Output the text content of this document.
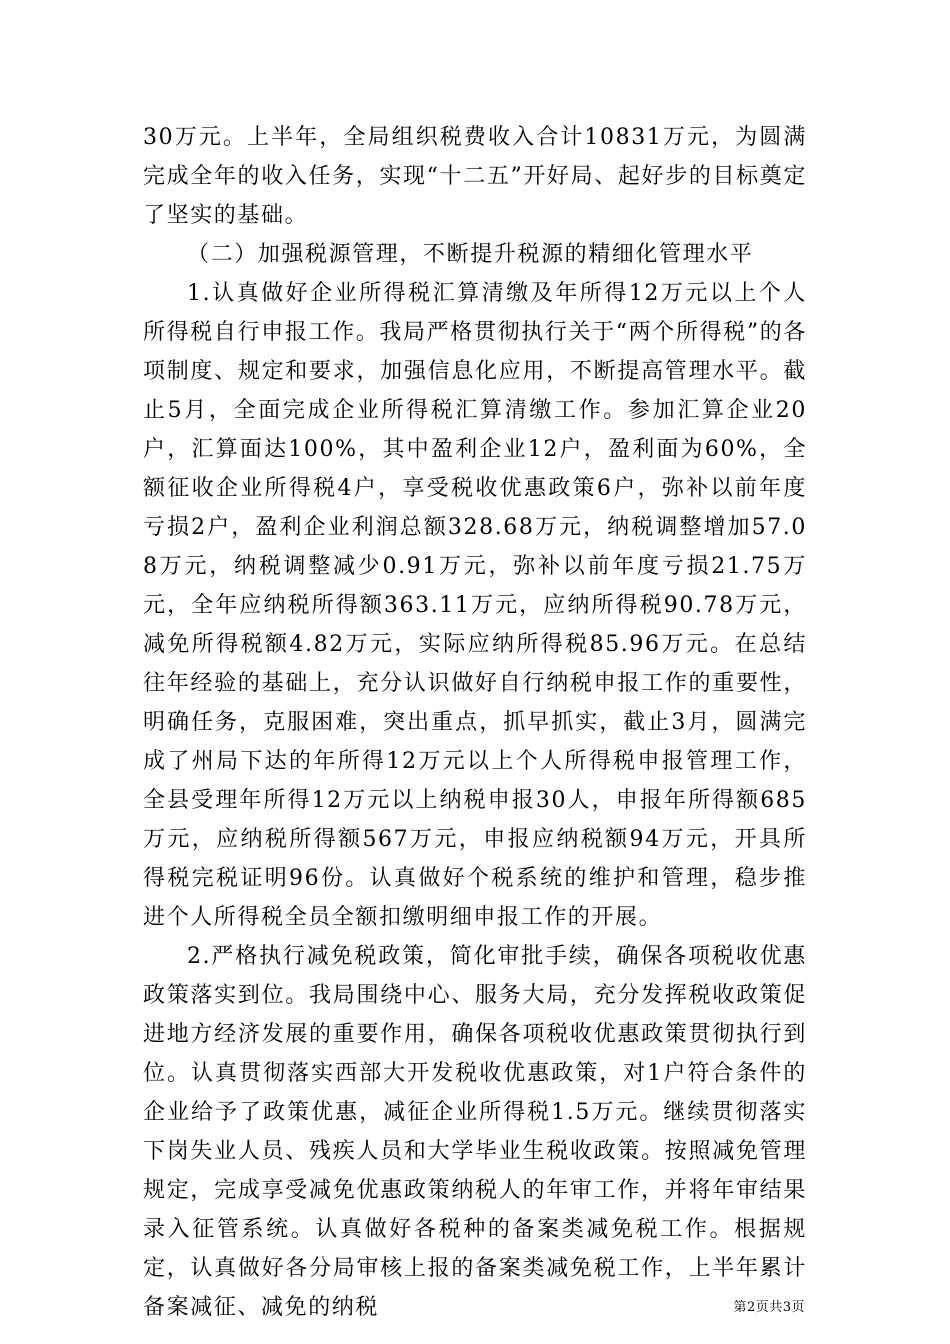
30万元。上半年，全局组织税费收入合计10831万元，为圆满完成全年的收入任务，实现“十二五”开好局、起好步的目标奠定了坚实的基础。

（二）加强税源管理，不断提升税源的精细化管理水平

1.认真做好企业所得税汇算清缴及年所得12万元以上个人所得税自行申报工作。我局严格贯彻执行关于“两个所得税”的各项制度、规定和要求，加强信息化应用，不断提高管理水平。截止5月，全面完成企业所得税汇算清缴工作。参加汇算企业20户，汇算面达100%，其中盈利企业12户，盈利面为60%，全额征收企业所得税4户，享受税收优惠政策6户，弥补以前年度亏损2户，盈利企业利润总额328.68万元，纳税调整增加57.08万元，纳税调整减少0.91万元，弥补以前年度亏损21.75万元，全年应纳税所得额363.11万元，应纳所得税90.78万元，减免所得税额4.82万元，实际应纳所得税85.96万元。在总结往年经验的基础上，充分认识做好自行纳税申报工作的重要性，明确任务，克服困难，突出重点，抓早抓实，截止3月，圆满完成了州局下达的年所得12万元以上个人所得税申报管理工作，全县受理年所得12万元以上纳税申报30人，申报年所得额685万元，应纳税所得额567万元，申报应纳税额94万元，开具所得税完税证明96份。认真做好个税系统的维护和管理，稳步推进个人所得税全员全额扣缴明细申报工作的开展。

2.严格执行减免税政策，简化审批手续，确保各项税收优惠政策落实到位。我局围绕中心、服务大局，充分发挥税收政策促进地方经济发展的重要作用，确保各项税收优惠政策贯彻执行到位。认真贯彻落实西部大开发税收优惠政策，对1户符合条件的企业给予了政策优惠，减征企业所得税1.5万元。继续贯彻落实下岗失业人员、残疾人员和大学毕业生税收政策。按照减免管理规定，完成享受减免优惠政策纳税人的年审工作，并将年审结果录入征管系统。认真做好各税种的备案类减免税工作。根据规定，认真做好各分局审核上报的备案类减免税工作，上半年累计备案减征、减免的纳税	第2页共3页
